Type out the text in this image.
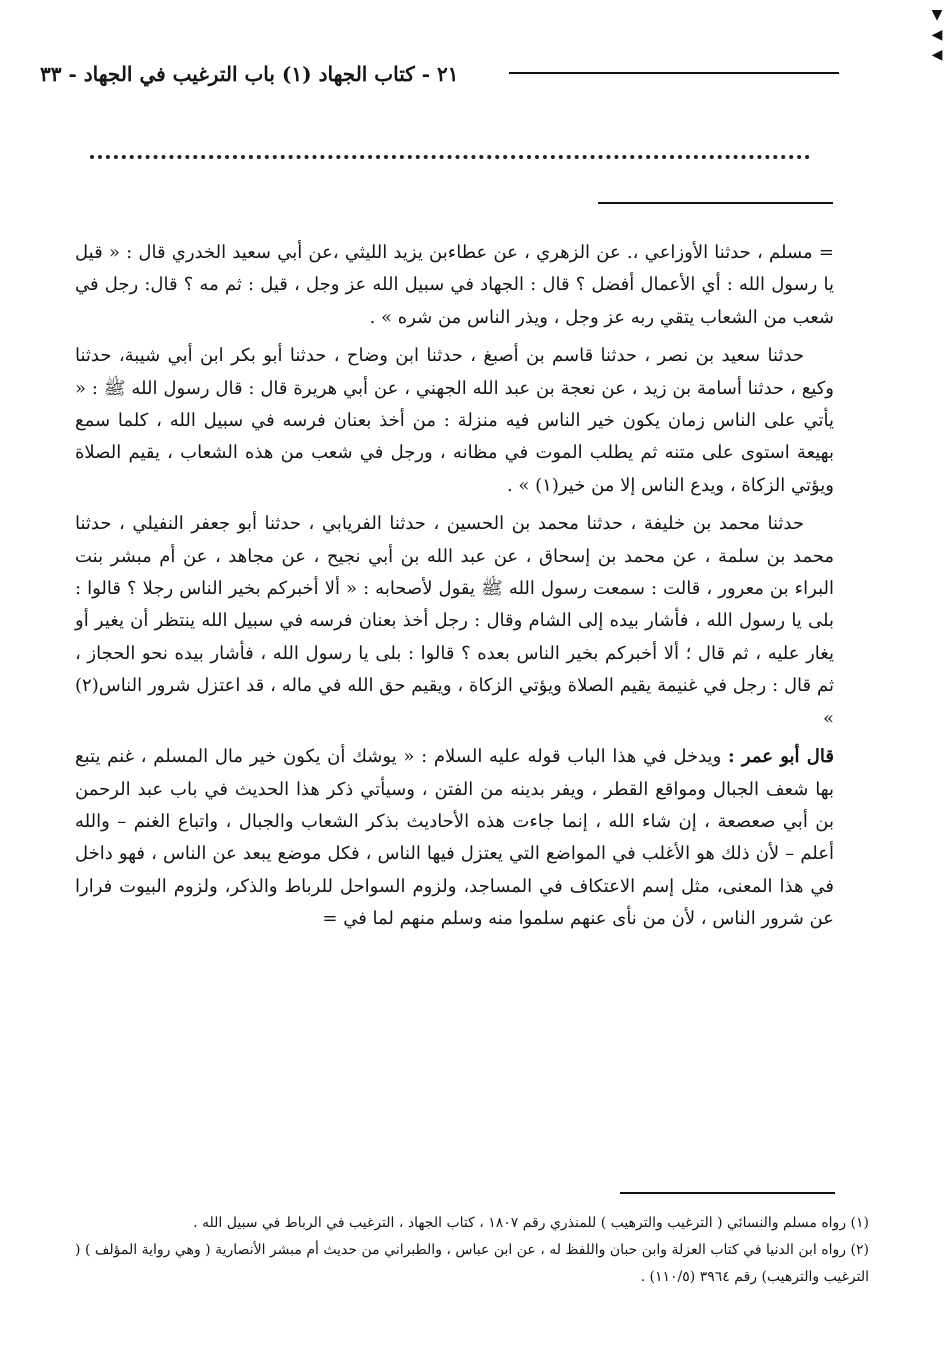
▼
◀
◀
٢١ - كتاب الجهاد (١) باب الترغيب في الجهاد - ٣٣

= مسلم ، حدثنا الأوزاعي ،. عن الزهري ، عن عطاءبن يزيد الليثي ،عن أبي سعيد الخدري قال : « قيل يا رسول الله : أي الأعمال أفضل ؟ قال : الجهاد في سبيل الله عز وجل ، قيل : ثم مه ؟ قال: رجل في شعب من الشعاب يتقي ربه عز وجل ، ويذر الناس من شره » .

حدثنا سعيد بن نصر ، حدثنا قاسم بن أصبغ ، حدثنا ابن وضاح ، حدثنا أبو بكر ابن أبي شيبة، حدثنا وكيع ، حدثنا أسامة بن زيد ، عن نعجة بن عبد الله الجهني ، عن أبي هريرة قال : قال رسول الله ﷺ : « يأتي على الناس زمان يكون خير الناس فيه منزلة : من أخذ بعنان فرسه في سبيل الله ، كلما سمع بهيعة استوى على متنه ثم يطلب الموت في مظانه ، ورجل في شعب من هذه الشعاب ، يقيم الصلاة ويؤتي الزكاة ، ويدع الناس إلا من خير(١) » .

حدثنا محمد بن خليفة ، حدثنا محمد بن الحسين ، حدثنا الفريابي ، حدثنا أبو جعفر النفيلي ، حدثنا محمد بن سلمة ، عن محمد بن إسحاق ، عن عبد الله بن أبي نجيح ، عن مجاهد ، عن أم مبشر بنت البراء بن معرور ، قالت : سمعت رسول الله ﷺ يقول لأصحابه : « ألا أخبركم بخير الناس رجلا ؟ قالوا : بلى يا رسول الله ، فأشار بيده إلى الشام وقال : رجل أخذ بعنان فرسه في سبيل الله ينتظر أن يغير أو يغار عليه ، ثم قال ؛ ألا أخبركم بخير الناس بعده ؟ قالوا : بلى يا رسول الله ، فأشار بيده نحو الحجاز ، ثم قال : رجل في غنيمة يقيم الصلاة ويؤتي الزكاة ، ويقيم حق الله في ماله ، قد اعتزل شرور الناس(٢) »

قال أبو عمر : ويدخل في هذا الباب قوله عليه السلام : « يوشك أن يكون خير مال المسلم ، غنم يتبع بها شعف الجبال ومواقع القطر ، ويفر بدينه من الفتن ، وسيأتي ذكر هذا الحديث في باب عبد الرحمن بن أبي صعصعة ، إن شاء الله ، إنما جاءت هذه الأحاديث بذكر الشعاب والجبال ، واتباع الغنم – والله أعلم – لأن ذلك هو الأغلب في المواضع التي يعتزل فيها الناس ، فكل موضع يبعد عن الناس ، فهو داخل في هذا المعنى، مثل إسم الاعتكاف في المساجد، ولزوم السواحل للرباط والذكر، ولزوم البيوت فرارا عن شرور الناس ، لأن من نأى عنهم سلموا منه وسلم منهم لما في =

(١) رواه مسلم والنسائي ( الترغيب والترهيب ) للمنذري رقم ١٨٠٧ ، كتاب الجهاد ، الترغيب في الرباط في سبيل الله .

(٢) رواه ابن الدنيا في كتاب العزلة وابن حبان واللفظ له ، عن ابن عباس ، والطبراني من حديث أم مبشر الأنصارية ( وهي رواية المؤلف ) ( الترغيب والترهيب) رقم ٣٩٦٤ (١١٠/٥) .
